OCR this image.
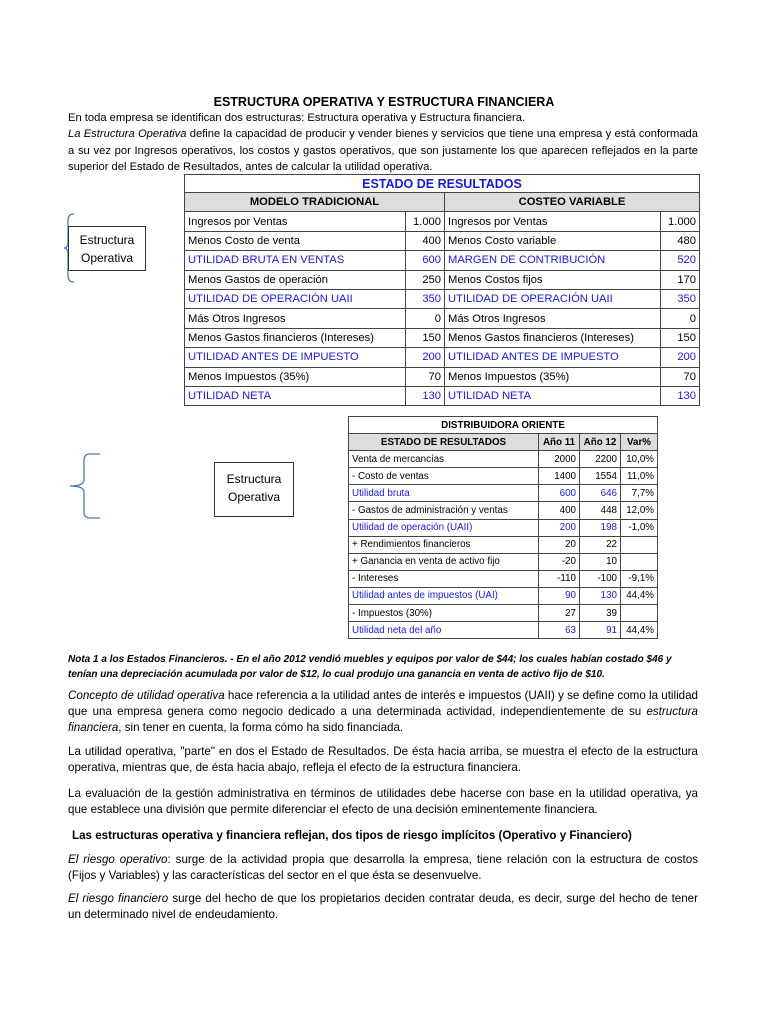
ESTRUCTURA OPERATIVA Y ESTRUCTURA FINANCIERA
En toda empresa se identifican dos estructuras: Estructura operativa y Estructura financiera.
La Estructura Operativa define la capacidad de producir y vender bienes y servicios que tiene una empresa y está conformada a su vez por Ingresos operativos, los costos y gastos operativos, que son justamente los que aparecen reflejados en la parte superior del Estado de Resultados, antes de calcular la utilidad operativa.
Estructura Operativa
ESTADO DE RESULTADOS
MODELO TRADICIONAL		COSTEO VARIABLE	
Ingresos por Ventas	1.000	Ingresos por Ventas	1.000
Menos Costo de venta	400	Menos Costo variable	480
UTILIDAD BRUTA EN VENTAS	600	MARGEN DE CONTRIBUCIÓN	520
Menos Gastos de operación	250	Menos Costos fijos	170
UTILIDAD DE OPERACIÓN UAII	350	UTILIDAD DE OPERACIÓN UAII	350
Más Otros Ingresos	0	Más Otros Ingresos	0
Menos Gastos financieros (Intereses)	150	Menos Gastos financieros (Intereses)	150
UTILIDAD ANTES DE IMPUESTO	200	UTILIDAD ANTES DE IMPUESTO	200
Menos Impuestos (35%)	70	Menos Impuestos (35%)	70
UTILIDAD NETA	130	UTILIDAD NETA	130
Estructura Operativa
DISTRIBUIDORA ORIENTE			
ESTADO DE RESULTADOS	Año 11	Año 12	Var%
Venta de mercancías	2000	2200	10,0%
- Costo de ventas	1400	1554	11,0%
Utilidad bruta	600	646	7,7%
- Gastos de administración y ventas	400	448	12,0%
Utilidad de operación (UAII)	200	198	-1,0%
+ Rendimientos financieros	20	22	
+ Ganancia en venta de activo fijo	-20	10	
- Intereses	-110	-100	-9,1%
Utilidad antes de impuestos (UAI)	90	130	44,4%
- Impuestos (30%)	27	39	
Utilidad neta del año	63	91	44,4%
Nota 1 a los Estados Financieros. - En el año 2012 vendió muebles y equipos por valor de $44; los cuales habían costado $46 y tenían una depreciación acumulada por valor de $12, lo cual produjo una ganancia en venta de activo fijo de $10.
Concepto de utilidad operativa hace referencia a la utilidad antes de interés e impuestos (UAII) y se define como la utilidad que una empresa genera como negocio dedicado a una determinada actividad, independientemente de su estructura financiera, sin tener en cuenta, la forma cómo ha sido financiada.
La utilidad operativa, "parte" en dos el Estado de Resultados. De ésta hacia arriba, se muestra el efecto de la estructura operativa, mientras que, de ésta hacia abajo, refleja el efecto de la estructura financiera.
La evaluación de la gestión administrativa en términos de utilidades debe hacerse con base en la utilidad operativa, ya que establece una división que permite diferenciar el efecto de una decisión eminentemente financiera.
Las estructuras operativa y financiera reflejan, dos tipos de riesgo implícitos (Operativo y Financiero)
El riesgo operativo: surge de la actividad propia que desarrolla la empresa, tiene relación con la estructura de costos (Fijos y Variables) y las características del sector en el que ésta se desenvuelve.
El riesgo financiero surge del hecho de que los propietarios deciden contratar deuda, es decir, surge del hecho de tener un determinado nivel de endeudamiento.
